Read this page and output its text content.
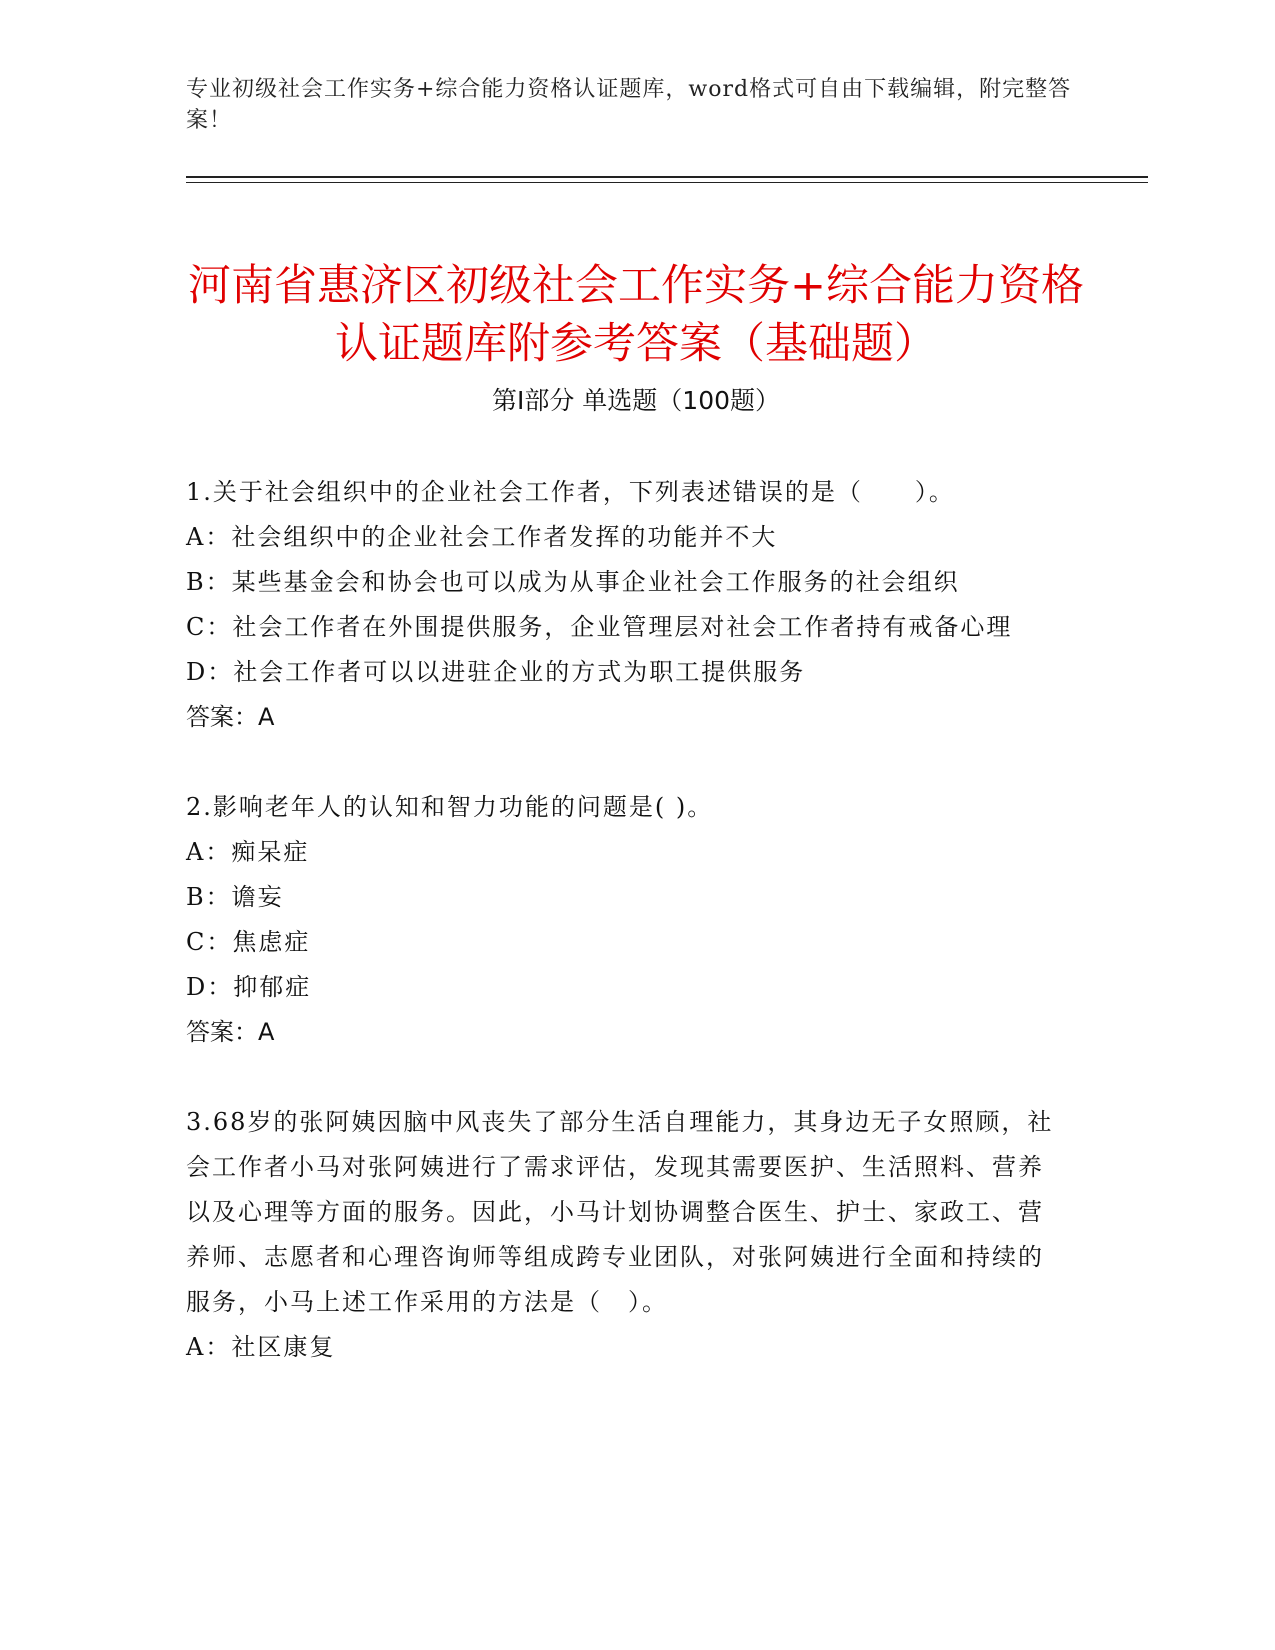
专业初级社会工作实务+综合能力资格认证题库，word格式可自由下载编辑，附完整答案！
河南省惠济区初级社会工作实务+综合能力资格认证题库附参考答案（基础题）
第I部分 单选题（100题）

1.关于社会组织中的企业社会工作者，下列表述错误的是（　　）。

A：社会组织中的企业社会工作者发挥的功能并不大

B：某些基金会和协会也可以成为从事企业社会工作服务的社会组织

C：社会工作者在外围提供服务，企业管理层对社会工作者持有戒备心理

D：社会工作者可以以进驻企业的方式为职工提供服务

答案：A

2.影响老年人的认知和智力功能的问题是( )。

A：痴呆症

B：谵妄

C：焦虑症

D：抑郁症

答案：A

3.68岁的张阿姨因脑中风丧失了部分生活自理能力，其身边无子女照顾，社会工作者小马对张阿姨进行了需求评估，发现其需要医护、生活照料、营养以及心理等方面的服务。因此，小马计划协调整合医生、护士、家政工、营养师、志愿者和心理咨询师等组成跨专业团队，对张阿姨进行全面和持续的服务，小马上述工作采用的方法是（　）。

A：社区康复
